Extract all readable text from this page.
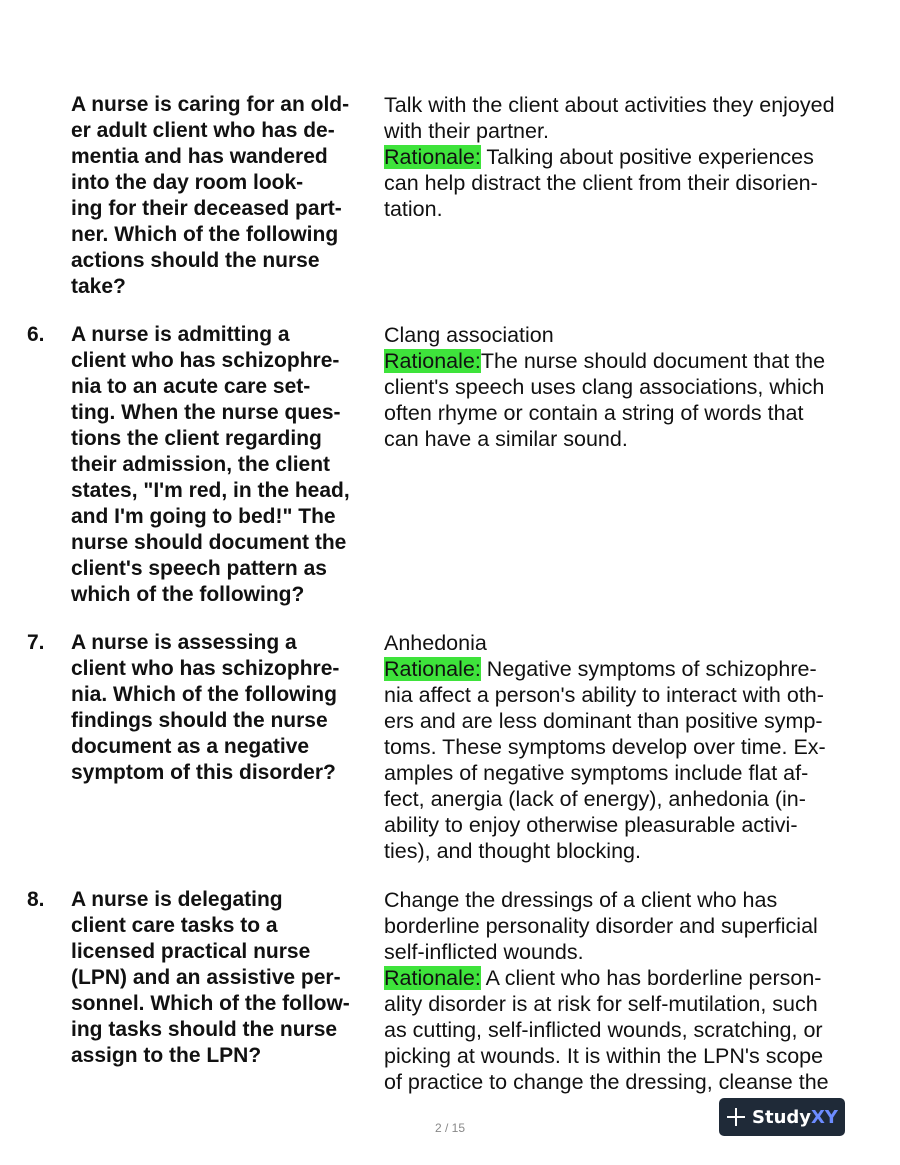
A nurse is caring for an old-
er adult client who has de-
mentia and has wandered
into the day room look-
ing for their deceased part-
ner. Which of the following
actions should the nurse
take?
Talk with the client about activities they enjoyed
with their partner.
Rationale: Talking about positive experiences
can help distract the client from their disorien-
tation.
6. A nurse is admitting a
client who has schizophre-
nia to an acute care set-
ting. When the nurse ques-
tions the client regarding
their admission, the client
states, "I'm red, in the head,
and I'm going to bed!" The
nurse should document the
client's speech pattern as
which of the following?
Clang association
Rationale:The nurse should document that the
client's speech uses clang associations, which
often rhyme or contain a string of words that
can have a similar sound.
7. A nurse is assessing a
client who has schizophre-
nia. Which of the following
findings should the nurse
document as a negative
symptom of this disorder?
Anhedonia
Rationale: Negative symptoms of schizophre-
nia affect a person's ability to interact with oth-
ers and are less dominant than positive symp-
toms. These symptoms develop over time. Ex-
amples of negative symptoms include flat af-
fect, anergia (lack of energy), anhedonia (in-
ability to enjoy otherwise pleasurable activi-
ties), and thought blocking.
8. A nurse is delegating
client care tasks to a
licensed practical nurse
(LPN) and an assistive per-
sonnel. Which of the follow-
ing tasks should the nurse
assign to the LPN?
Change the dressings of a client who has
borderline personality disorder and superficial
self-inflicted wounds.
Rationale: A client who has borderline person-
ality disorder is at risk for self-mutilation, such
as cutting, self-inflicted wounds, scratching, or
picking at wounds. It is within the LPN's scope
of practice to change the dressing, cleanse the
2 / 15
StudyXY
